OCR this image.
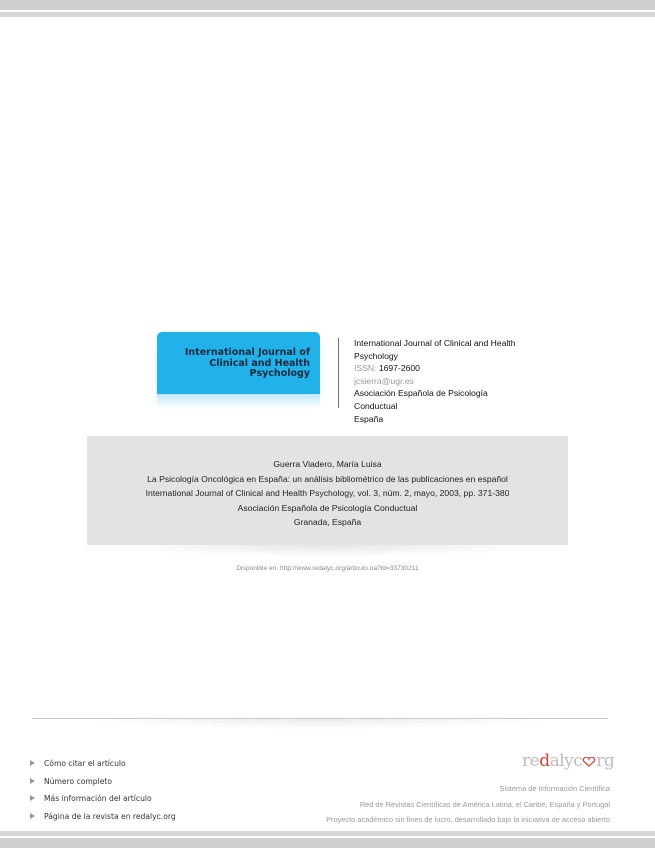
International Journal of
Clinical and Health
Psychology
International Journal of Clinical and Health
Psychology
ISSN: 1697-2600
jcsierra@ugr.es
Asociación Española de Psicología
Conductual
España
Guerra Viadero, María Luisa
La Psicología Oncológica en España: un análisis bibliométrico de las publicaciones en español
International Journal of Clinical and Health Psychology, vol. 3, núm. 2, mayo, 2003, pp. 371-380
Asociación Española de Psicología Conductual
Granada, España
Disponible en: http://www.redalyc.org/articulo.oa?id=33730211
Cómo citar el artículo
Número completo
Más información del artículo
Página de la revista en redalyc.org
redalyc rg
Sistema de Información Científica
Red de Revistas Científicas de América Latina, el Caribe, España y Portugal
Proyecto académico sin fines de lucro, desarrollado bajo la iniciativa de acceso abierto
